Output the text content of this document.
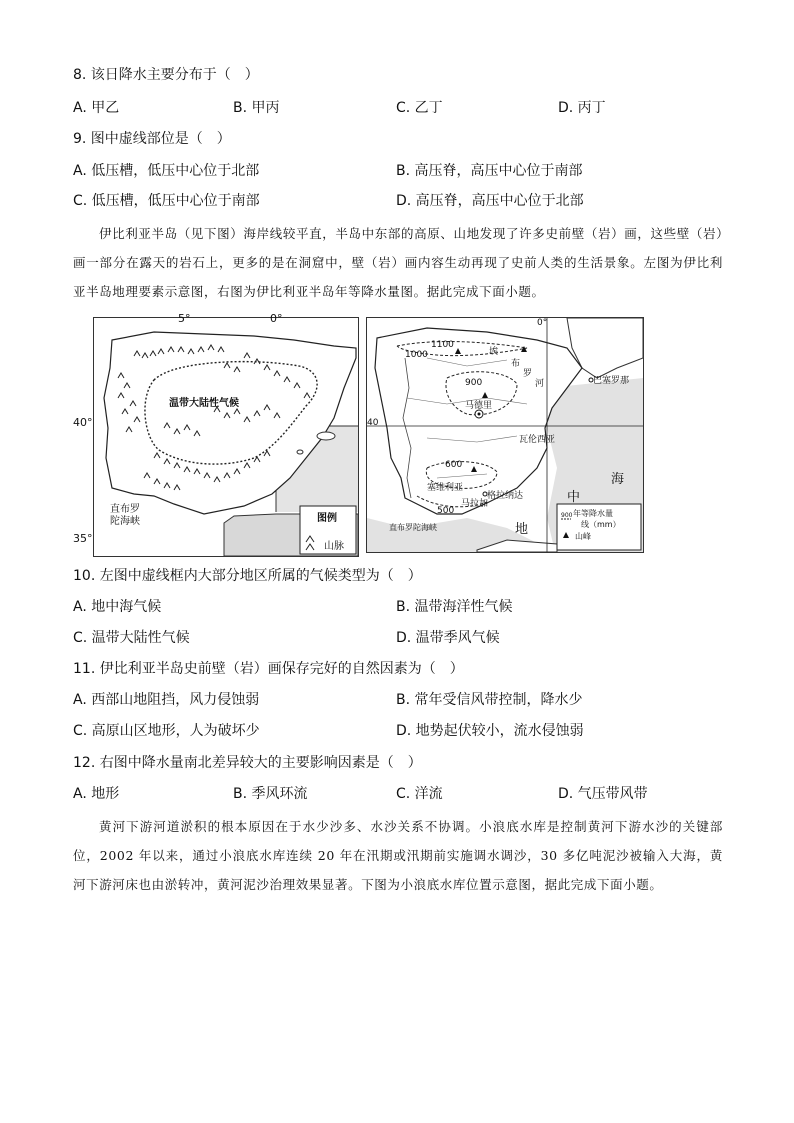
8. 该日降水主要分布于（　）
A. 甲乙	B. 甲丙	C. 乙丁	D. 丙丁
9. 图中虚线部位是（　）
A. 低压槽，低压中心位于北部	B. 高压脊，高压中心位于南部
C. 低压槽，低压中心位于南部	D. 高压脊，高压中心位于北部
伊比利亚半岛（见下图）海岸线较平直，半岛中东部的高原、山地发现了许多史前壁（岩）画，这些壁（岩）画一部分在露天的岩石上，更多的是在洞窟中，壁（岩）画内容生动再现了史前人类的生活景象。左图为伊比利亚半岛地理要素示意图，右图为伊比利亚半岛年等降水量图。据此完成下面小题。
5°	0°
40°
35°
温带大陆性气候
直布罗
陀海峡	图例
山脉
0°
40
1100
1000
900
600
500
埃
布
罗
河	巴塞罗那
马德里
瓦伦西亚
塞维利亚
格拉纳达
马拉加
直布罗陀海峡
中
海
地
年等降水量
线（mm）
900
山峰
10. 左图中虚线框内大部分地区所属的气候类型为（　）
A. 地中海气候	B. 温带海洋性气候
C. 温带大陆性气候	D. 温带季风气候
11. 伊比利亚半岛史前壁（岩）画保存完好的自然因素为（　）
A. 西部山地阻挡，风力侵蚀弱	B. 常年受信风带控制，降水少
C. 高原山区地形，人为破坏少	D. 地势起伏较小，流水侵蚀弱
12. 右图中降水量南北差异较大的主要影响因素是（　）
A. 地形	B. 季风环流	C. 洋流	D. 气压带风带
黄河下游河道淤积的根本原因在于水少沙多、水沙关系不协调。小浪底水库是控制黄河下游水沙的关键部位，2002 年以来，通过小浪底水库连续 20 年在汛期或汛期前实施调水调沙，30 多亿吨泥沙被输入大海，黄河下游河床也由淤转冲，黄河泥沙治理效果显著。下图为小浪底水库位置示意图，据此完成下面小题。
